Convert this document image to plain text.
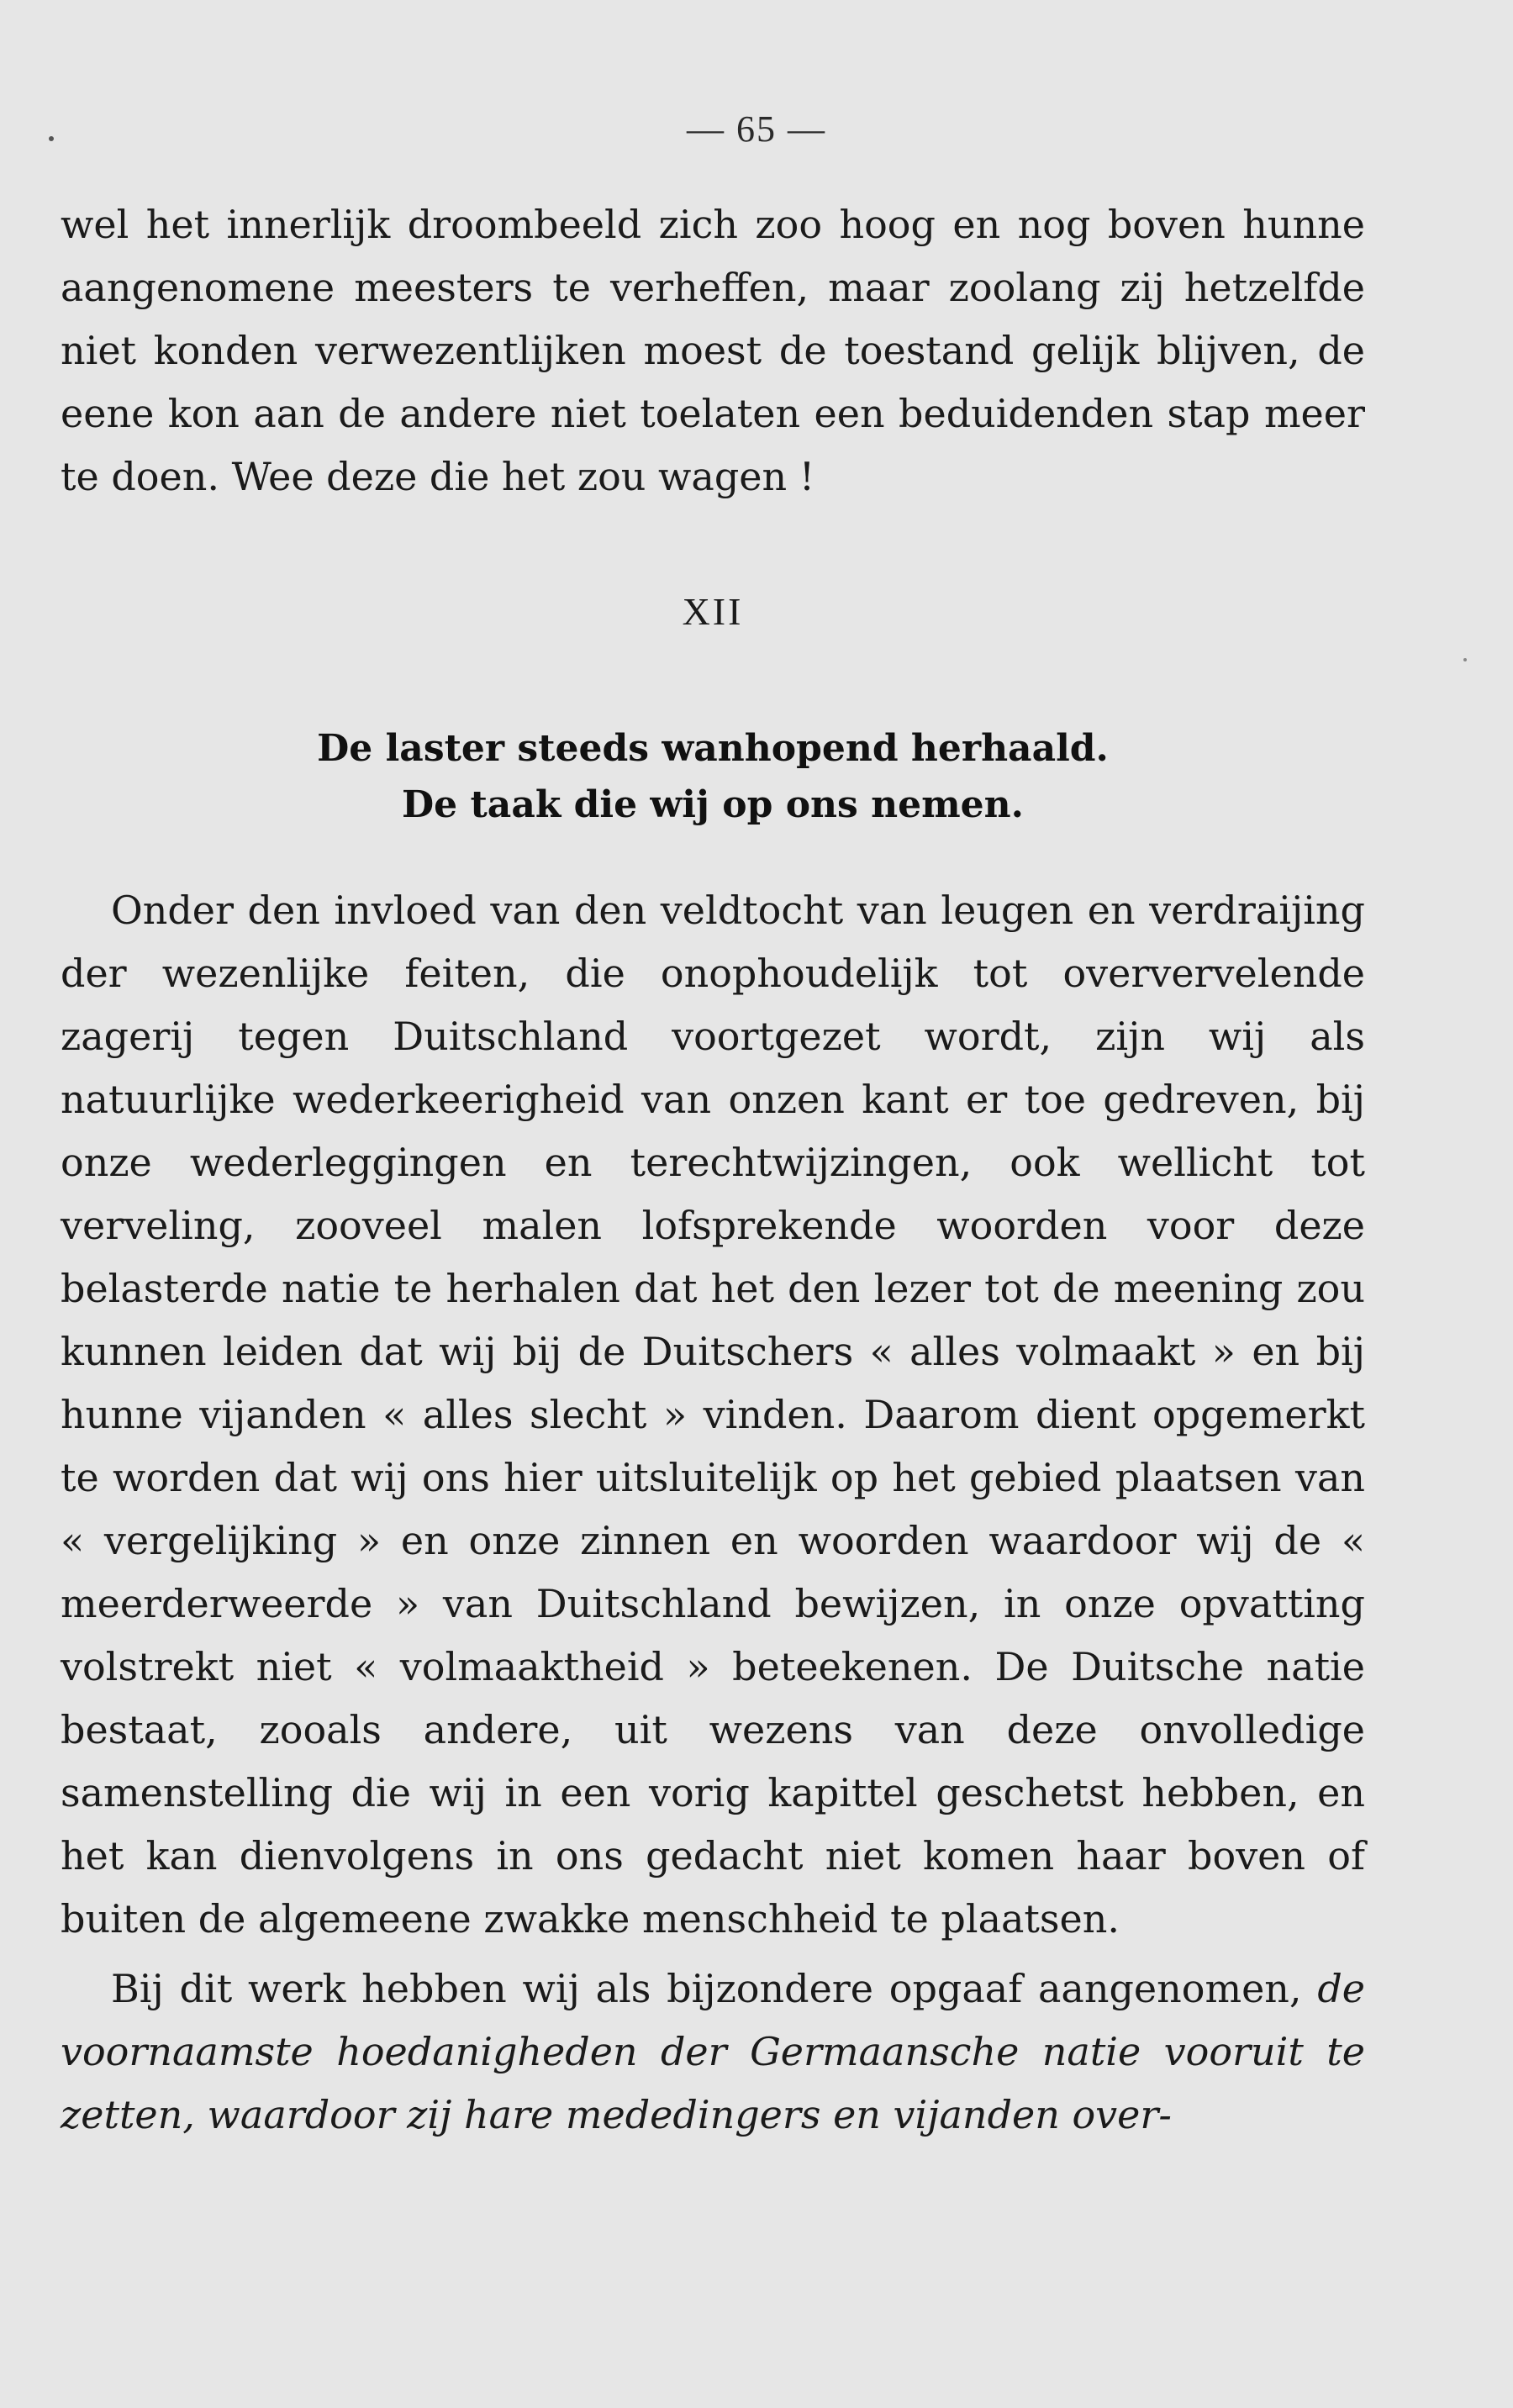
— 65 —

wel het innerlijk droombeeld zich zoo hoog en nog boven hunne aangenomene meesters te verheffen, maar zoolang zij hetzelfde niet konden verwezentlijken moest de toestand gelijk blijven, de eene kon aan de andere niet toelaten een beduidenden stap meer te doen. Wee deze die het zou wagen !

XII

De laster steeds wanhopend herhaald.
De taak die wij op ons nemen.

Onder den invloed van den veldtocht van leugen en verdraijing der wezenlijke feiten, die onophoudelijk tot oververvelende zagerij tegen Duitschland voortgezet wordt, zijn wij als natuurlijke wederkeerigheid van onzen kant er toe gedreven, bij onze wederleggingen en terechtwijzingen, ook wellicht tot verveling, zooveel malen lofsprekende woorden voor deze belasterde natie te herhalen dat het den lezer tot de meening zou kunnen leiden dat wij bij de Duitschers « alles volmaakt » en bij hunne vijanden « alles slecht » vinden. Daarom dient opgemerkt te worden dat wij ons hier uitsluitelijk op het gebied plaatsen van « vergelijking » en onze zinnen en woorden waardoor wij de « meerderweerde » van Duitschland bewijzen, in onze opvatting volstrekt niet « volmaaktheid » beteekenen. De Duitsche natie bestaat, zooals andere, uit wezens van deze onvolledige samenstelling die wij in een vorig kapittel geschetst hebben, en het kan dienvolgens in ons gedacht niet komen haar boven of buiten de algemeene zwakke menschheid te plaatsen.

Bij dit werk hebben wij als bijzondere opgaaf aangenomen, de voornaamste hoedanigheden der Germaansche natie vooruit te zetten, waardoor zij hare mededingers en vijanden over-
